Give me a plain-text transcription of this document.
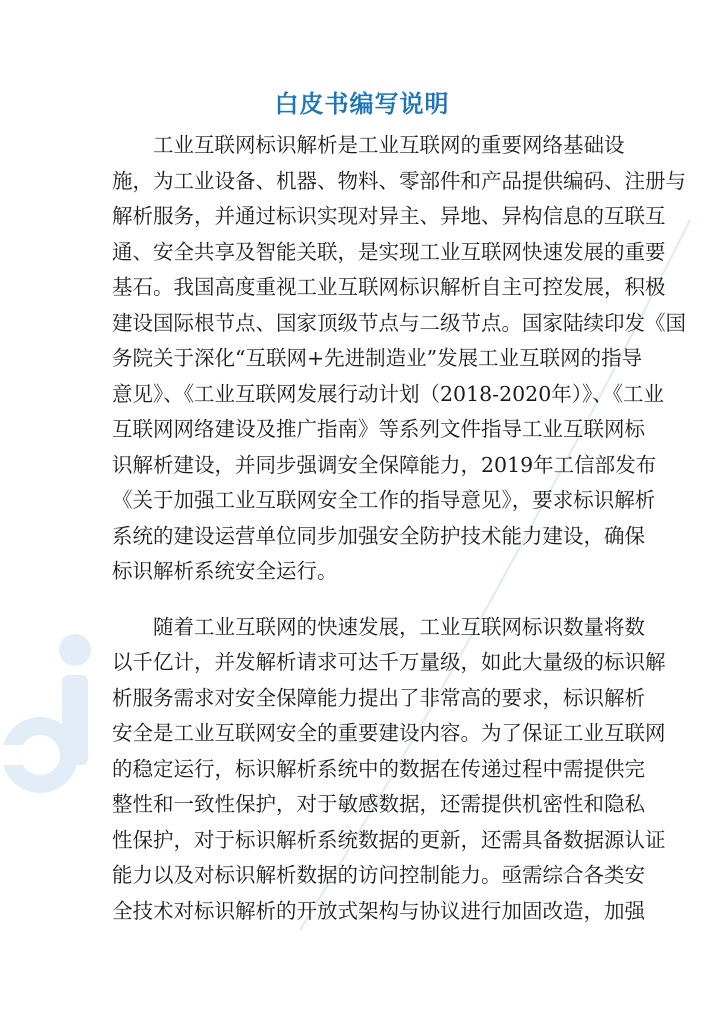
白皮书编写说明
　　工业互联网标识解析是工业互联网的重要网络基础设
施，为工业设备、机器、物料、零部件和产品提供编码、注册与
解析服务，并通过标识实现对异主、异地、异构信息的互联互
通、安全共享及智能关联，是实现工业互联网快速发展的重要
基石。我国高度重视工业互联网标识解析自主可控发展，积极
建设国际根节点、国家顶级节点与二级节点。国家陆续印发《国
务院关于深化“互联网+先进制造业”发展工业互联网的指导
意见》、《工业互联网发展行动计划（2018-2020年）》、《工业
互联网网络建设及推广指南》等系列文件指导工业互联网标
识解析建设，并同步强调安全保障能力，2019年工信部发布
《关于加强工业互联网安全工作的指导意见》，要求标识解析
系统的建设运营单位同步加强安全防护技术能力建设，确保
标识解析系统安全运行。
　　随着工业互联网的快速发展，工业互联网标识数量将数
以千亿计，并发解析请求可达千万量级，如此大量级的标识解
析服务需求对安全保障能力提出了非常高的要求，标识解析
安全是工业互联网安全的重要建设内容。为了保证工业互联网
的稳定运行，标识解析系统中的数据在传递过程中需提供完
整性和一致性保护，对于敏感数据，还需提供机密性和隐私
性保护，对于标识解析系统数据的更新，还需具备数据源认证
能力以及对标识解析数据的访问控制能力。亟需综合各类安
全技术对标识解析的开放式架构与协议进行加固改造，加强
